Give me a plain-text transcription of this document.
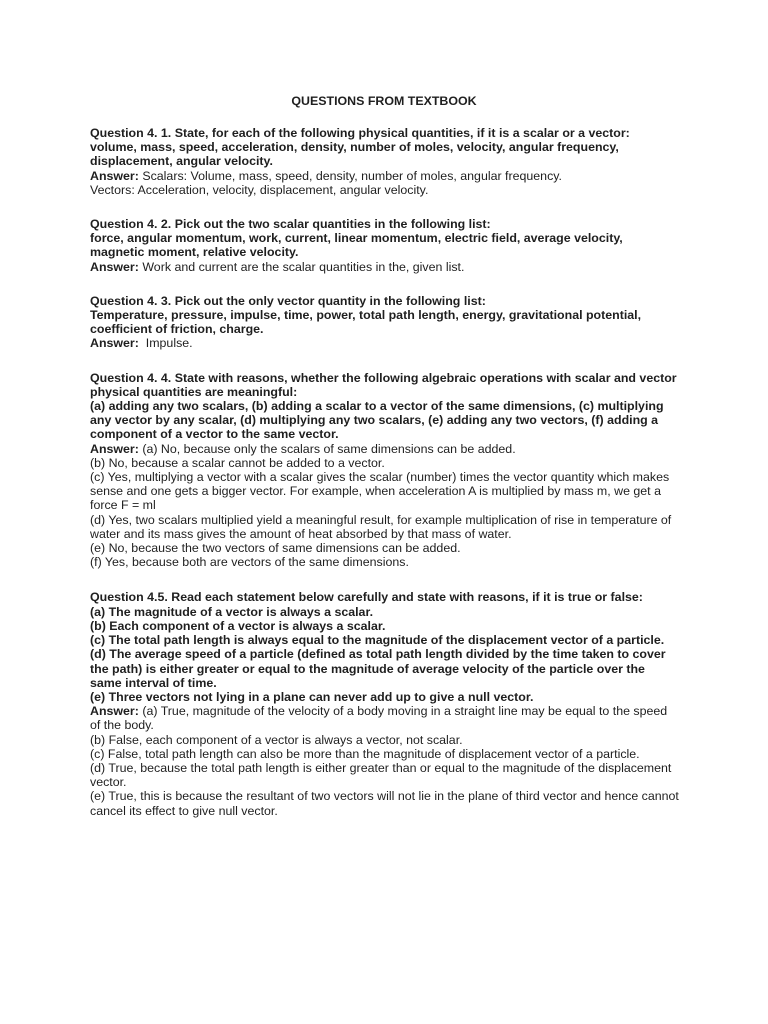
QUESTIONS FROM TEXTBOOK

Question 4. 1. State, for each of the following physical quantities, if it is a scalar or a vector: volume, mass, speed, acceleration, density, number of moles, velocity, angular frequency, displacement, angular velocity.

Answer: Scalars: Volume, mass, speed, density, number of moles, angular frequency.

Vectors: Acceleration, velocity, displacement, angular velocity.

Question 4. 2. Pick out the two scalar quantities in the following list:

force, angular momentum, work, current, linear momentum, electric field, average velocity, magnetic moment, relative velocity.

Answer: Work and current are the scalar quantities in the, given list.

Question 4. 3. Pick out the only vector quantity in the following list:

Temperature, pressure, impulse, time, power, total path length, energy, gravitational potential, coefficient of friction, charge.

Answer:  Impulse.

Question 4. 4. State with reasons, whether the following algebraic operations with scalar and vector physical quantities are meaningful:

(a) adding any two scalars, (b) adding a scalar to a vector of the same dimensions, (c) multiplying any vector by any scalar, (d) multiplying any two scalars, (e) adding any two vectors, (f) adding a component of a vector to the same vector.

Answer: (a) No, because only the scalars of same dimensions can be added.

(b) No, because a scalar cannot be added to a vector.

(c) Yes, multiplying a vector with a scalar gives the scalar (number) times the vector quantity which makes sense and one gets a bigger vector. For example, when acceleration A is multiplied by mass m, we get a force F = ml

(d) Yes, two scalars multiplied yield a meaningful result, for example multiplication of rise in temperature of water and its mass gives the amount of heat absorbed by that mass of water.

(e) No, because the two vectors of same dimensions can be added.

(f) Yes, because both are vectors of the same dimensions.

Question 4.5. Read each statement below carefully and state with reasons, if it is true or false:

(a) The magnitude of a vector is always a scalar.

(b) Each component of a vector is always a scalar.

(c) The total path length is always equal to the magnitude of the displacement vector of a particle.

(d) The average speed of a particle (defined as total path length divided by the time taken to cover the path) is either greater or equal to the magnitude of average velocity of the particle over the same interval of time.

(e) Three vectors not lying in a plane can never add up to give a null vector.

Answer: (a) True, magnitude of the velocity of a body moving in a straight line may be equal to the speed of the body.

(b) False, each component of a vector is always a vector, not scalar.

(c) False, total path length can also be more than the magnitude of displacement vector of a particle.

(d) True, because the total path length is either greater than or equal to the magnitude of the displacement vector.

(e) True, this is because the resultant of two vectors will not lie in the plane of third vector and hence cannot cancel its effect to give null vector.
